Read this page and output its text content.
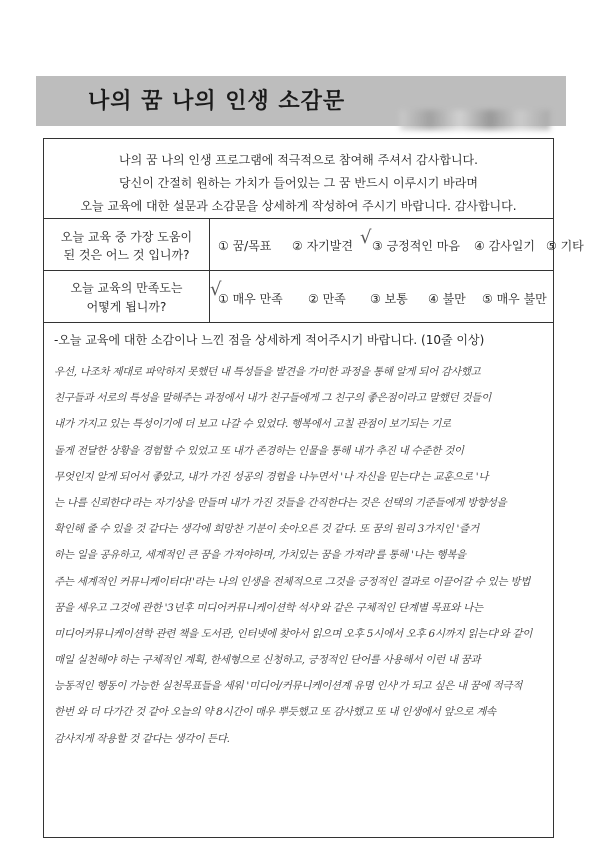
나의 꿈 나의 인생 소감문

나의 꿈 나의 인생 프로그램에 적극적으로 참여해 주셔서 감사합니다.

당신이 간절히 원하는 가치가 들어있는 그 꿈 반드시 이루시기 바라며

오늘 교육에 대한 설문과 소감문을 상세하게 작성하여 주시기 바랍니다. 감사합니다.

오늘 교육 중 가장 도움이
된 것은 어느 것 입니까?
① 꿈/목표 ② 자기발견 ③ 긍정적인 마음 ④ 감사일기 ⑤ 기타
√
오늘 교육의 만족도는
어떻게 됩니까?
① 매우 만족 ② 만족 ③ 보통 ④ 불만 ⑤ 매우 불만
√
-오늘 교육에 대한 소감이나 느낀 점을 상세하게 적어주시기 바랍니다. (10줄 이상)
우선, 나조차 제대로 파악하지 못했던 내 특성들을 발견을 가미한 과정을 통해 알게 되어 감사했고
친구들과 서로의 특성을 말해주는 과정에서 내가 친구들에게 그 친구의 좋은점이라고 말했던 것들이
내가 가지고 있는 특성이기에 더 보고 나갈 수 있었다. 행복에서 고칠 관점이 보기되는 기로
돌게 전달한 상황을 경험할 수 있었고 또 내가 존경하는 인물을 통해 내가 추진 내 수준한 것이
무엇인지 알게 되어서 좋았고, 내가 가진 성공의 경험을 나누면서 '나 자신을 믿는다'는 교훈으로 '나
는 나를 신뢰한다'라는 자기상을 만들며 내가 가진 것들을 간직한다는 것은 선택의 기준들에게 방향성을
확인해 줄 수 있을 것 같다는 생각에 희망찬 기분이 솟아오른 것 같다. 또 꿈의 원리 3가지인 '즐거
하는 일을 공유하고, 세계적인 큰 꿈을 가져야하며, 가치있는 꿈을 가져라'를 통해 '나는 행복을
주는 세계적인 커뮤니케이터다!'라는 나의 인생을 전체적으로 그것을 긍정적인 결과로 이끌어갈 수 있는 방법
꿈을 세우고 그것에 관한 '3년후 미디어커뮤니케이션학 석사'와 같은 구체적인 단계별 목표와 나는
미디어커뮤니케이션학 관련 책을 도서관, 인터넷에 찾아서 읽으며 오후 5시에서 오후 6시까지 읽는다'와 같이
매일 실천해야 하는 구체적인 계획, 한세형으로 신청하고, 긍정적인 단어를 사용해서 이런 내 꿈과
능동적인 행동이 가능한 실천목표들을 세워 '미디어/커뮤니케이션계 유명 인사'가 되고 싶은 내 꿈에 적극적
한번 와 더 다가간 것 같아 오늘의 약 8시간이 매우 뿌듯했고 또 감사했고 또 내 인생에서 앞으로 계속
감사지게 작용할 것 같다는 생각이 든다.
